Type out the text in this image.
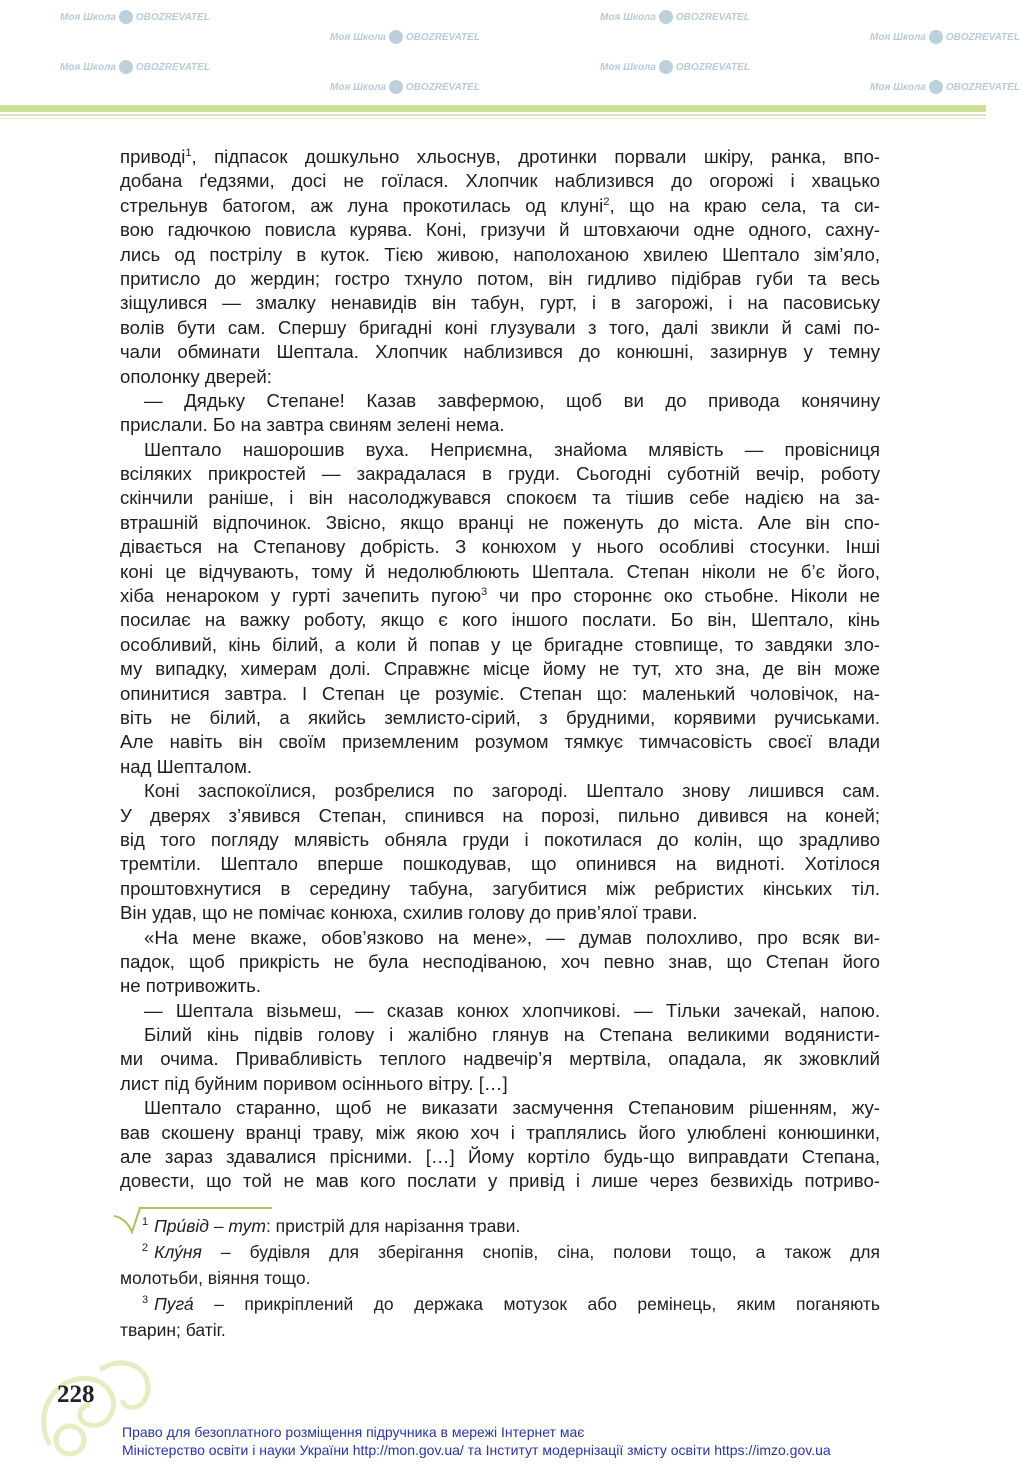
Моя Школа OBOZREVATEL
Моя Школа OBOZREVATEL
Моя Школа OBOZREVATEL
Моя Школа OBOZREVATEL
Моя Школа OBOZREVATEL
Моя Школа OBOZREVATEL
Моя Школа OBOZREVATEL
Моя Школа OBOZREVATEL
приводі$^1$, підпасок дошкульно хльоснув, дротинки порвали шкіру, ранка, впо-
добана ґедзями, досі не гоїлася. Хлопчик наблизився до огорожі і хвацько
стрельнув батогом, аж луна прокотилась од клуні$^2$, що на краю села, та си-
вою гадючкою повисла курява. Коні, гризучи й штовхаючи одне одного, сахну-
лись од пострілу в куток. Тією живою, наполоханою хвилею Шептало зім’яло,
притисло до жердин; гостро тхнуло потом, він гидливо підібрав губи та весь
зіщулився — змалку ненавидів він табун, гурт, і в загорожі, і на пасовиську
волів бути сам. Спершу бригадні коні глузували з того, далі звикли й самі по-
чали обминати Шептала. Хлопчик наблизився до конюшні, зазирнув у темну
ополонку дверей:
— Дядьку Степане! Казав завфермою, щоб ви до привода конячину
прислали. Бо на завтра свиням зелені нема.
Шептало нашорошив вуха. Неприємна, знайома млявість — провісниця
всіляких прикростей — закрадалася в груди. Сьогодні суботній вечір, роботу
скінчили раніше, і він насолоджувався спокоєм та тішив себе надією на за-
втрашній відпочинок. Звісно, якщо вранці не поженуть до міста. Але він спо-
дівається на Степанову добрість. З конюхом у нього особливі стосунки. Інші
коні це відчувають, тому й недолюблюють Шептала. Степан ніколи не б’є його,
хіба ненароком у гурті зачепить пугою$^3$ чи про стороннє око стьобне. Ніколи не
посилає на важку роботу, якщо є кого іншого послати. Бо він, Шептало, кінь
особливий, кінь білий, а коли й попав у це бригадне стовпище, то завдяки зло-
му випадку, химерам долі. Справжнє місце йому не тут, хто зна, де він може
опинитися завтра. І Степан це розуміє. Степан що: маленький чоловічок, на-
віть не білий, а якийсь землисто-сірий, з брудними, корявими ручиськами.
Але навіть він своїм приземленим розумом тямкує тимчасовість своєї влади
над Шепталом.
Коні заспокоїлися, розбрелися по загороді. Шептало знову лишився сам.
У дверях з’явився Степан, спинився на порозі, пильно дивився на коней;
від того погляду млявість обняла груди і покотилася до колін, що зрадливо
тремтіли. Шептало вперше пошкодував, що опинився на видноті. Хотілося
проштовхнутися в середину табуна, загубитися між ребристих кінських тіл.
Він удав, що не помічає конюха, схилив голову до прив’ялої трави.
«На мене вкаже, обов’язково на мене», — думав полохливо, про всяк ви-
падок, щоб прикрість не була несподіваною, хоч певно знав, що Степан його
не потривожить.
— Шептала візьмеш, — сказав конюх хлопчикові. — Тільки зачекай, напою.
Білий кінь підвів голову і жалібно глянув на Степана великими водянисти-
ми очима. Привабливість теплого надвечір’я мертвіла, опадала, як зжовклий
лист під буйним поривом осіннього вітру. […]
Шептало старанно, щоб не виказати засмучення Степановим рішенням, жу-
вав скошену вранці траву, між якою хоч і траплялись його улюблені конюшинки,
але зараз здавалися прісними. […] Йому кортіло будь-що виправдати Степана,
довести, що той не мав кого послати у привід і лише через безвихідь потриво-
$^1$ При́від – тут: пристрій для нарізання трави.
$^2$ Клу́ня – будівля для зберігання снопів, сіна, полови тощо, а також для
молотьби, віяння тощо.
$^3$ Пуга́ – прикріплений до держака мотузок або ремінець, яким поганяють
тварин; батіг.
228
Право для безоплатного розміщення підручника в мережі Інтернет має
Міністерство освіти і науки України http://mon.gov.ua/ та Інститут модернізації змісту освіти https://imzo.gov.ua
